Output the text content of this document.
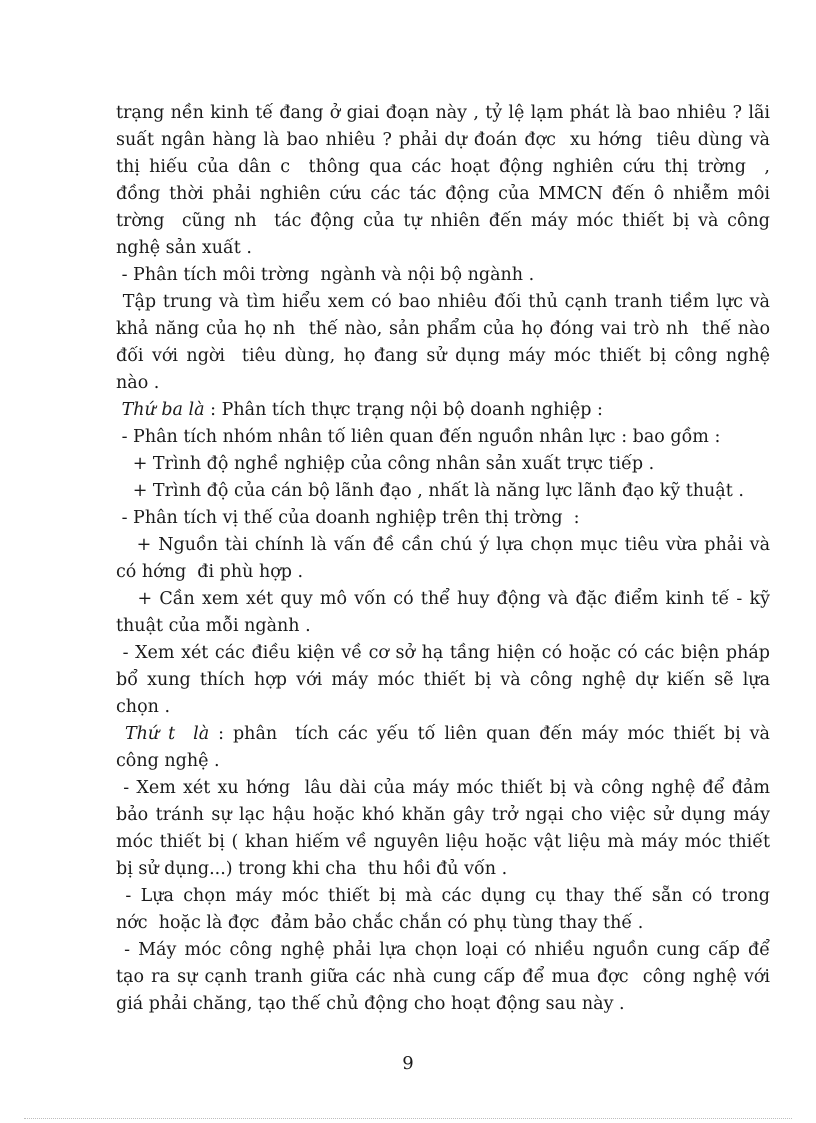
trạng nền kinh tế đang ở giai đoạn này , tỷ lệ lạm phát là bao nhiêu ? lãi
suất ngân hàng là bao nhiêu ? phải dự đoán đợc  xu hớng  tiêu dùng và
thị hiếu của dân c  thông qua các hoạt động nghiên cứu thị trờng  ,
đồng thời phải nghiên cứu các tác động của MMCN đến ô nhiễm môi
trờng  cũng nh  tác động của tự nhiên đến máy móc thiết bị và công
nghệ sản xuất .
- Phân tích môi trờng  ngành và nội bộ ngành .
Tập trung và tìm hiểu xem có bao nhiêu đối thủ cạnh tranh tiềm lực và
khả năng của họ nh  thế nào, sản phẩm của họ đóng vai trò nh  thế nào
đối với ngời  tiêu dùng, họ đang sử dụng máy móc thiết bị công nghệ
nào .
Thứ ba là : Phân tích thực trạng nội bộ doanh nghiệp :
- Phân tích nhóm nhân tố liên quan đến nguồn nhân lực : bao gồm :
+ Trình độ nghề nghiệp của công nhân sản xuất trực tiếp .
+ Trình độ của cán bộ lãnh đạo , nhất là năng lực lãnh đạo kỹ thuật .
- Phân tích vị thế của doanh nghiệp trên thị trờng  :
+ Nguồn tài chính là vấn đề cần chú ý lựa chọn mục tiêu vừa phải và
có hớng  đi phù hợp .
+ Cần xem xét quy mô vốn có thể huy động và đặc điểm kinh tế - kỹ
thuật của mỗi ngành .
- Xem xét các điều kiện về cơ sở hạ tầng hiện có hoặc có các biện pháp
bổ xung thích hợp với máy móc thiết bị và công nghệ dự kiến sẽ lựa
chọn .
Thứ t  là : phân  tích các yếu tố liên quan đến máy móc thiết bị và
công nghệ .
- Xem xét xu hớng  lâu dài của máy móc thiết bị và công nghệ để đảm
bảo tránh sự lạc hậu hoặc khó khăn gây trở ngại cho việc sử dụng máy
móc thiết bị ( khan hiếm về nguyên liệu hoặc vật liệu mà máy móc thiết
bị sử dụng...) trong khi cha  thu hồi đủ vốn .
- Lựa chọn máy móc thiết bị mà các dụng cụ thay thế sẵn có trong
nớc  hoặc là đợc  đảm bảo chắc chắn có phụ tùng thay thế .
- Máy móc công nghệ phải lựa chọn loại có nhiều nguồn cung cấp để
tạo ra sự cạnh tranh giữa các nhà cung cấp để mua đợc  công nghệ với
giá phải chăng, tạo thế chủ động cho hoạt động sau này .
9
